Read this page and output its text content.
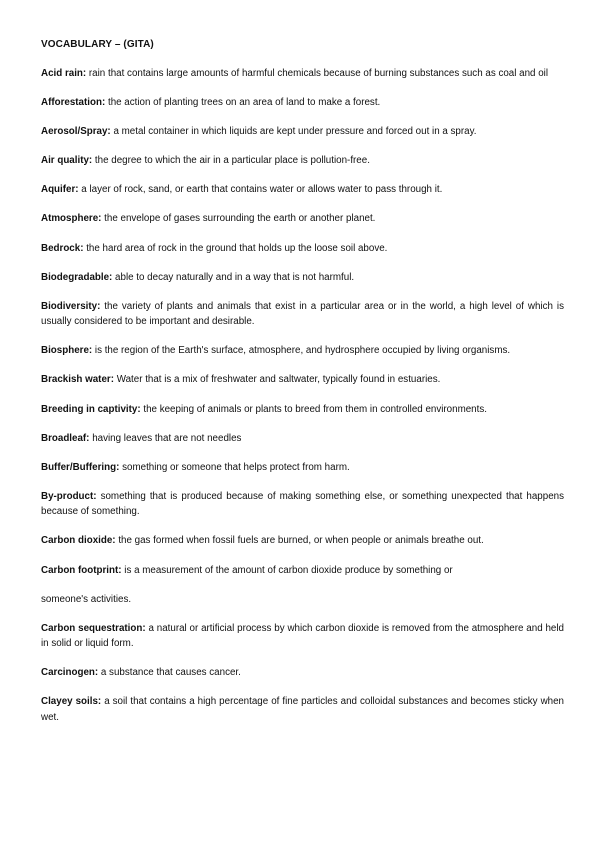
VOCABULARY – (GITA)
Acid rain: rain that contains large amounts of harmful chemicals because of burning substances such as coal and oil
Afforestation: the action of planting trees on an area of land to make a forest.
Aerosol/Spray: a metal container in which liquids are kept under pressure and forced out in a spray.
Air quality: the degree to which the air in a particular place is pollution-free.
Aquifer: a layer of rock, sand, or earth that contains water or allows water to pass through it.
Atmosphere: the envelope of gases surrounding the earth or another planet.
Bedrock: the hard area of rock in the ground that holds up the loose soil above.
Biodegradable: able to decay naturally and in a way that is not harmful.
Biodiversity: the variety of plants and animals that exist in a particular area or in the world, a high level of which is usually considered to be important and desirable.
Biosphere: is the region of the Earth's surface, atmosphere, and hydrosphere occupied by living organisms.
Brackish water: Water that is a mix of freshwater and saltwater, typically found in estuaries.
Breeding in captivity: the keeping of animals or plants to breed from them in controlled environments.
Broadleaf: having leaves that are not needles
Buffer/Buffering: something or someone that helps protect from harm.
By-product: something that is produced because of making something else, or something unexpected that happens because of something.
Carbon dioxide: the gas formed when fossil fuels are burned, or when people or animals breathe out.
Carbon footprint: is a measurement of the amount of carbon dioxide produce by something or
someone's activities.
Carbon sequestration: a natural or artificial process by which carbon dioxide is removed from the atmosphere and held in solid or liquid form.
Carcinogen: a substance that causes cancer.
Clayey soils: a soil that contains a high percentage of fine particles and colloidal substances and becomes sticky when wet.
